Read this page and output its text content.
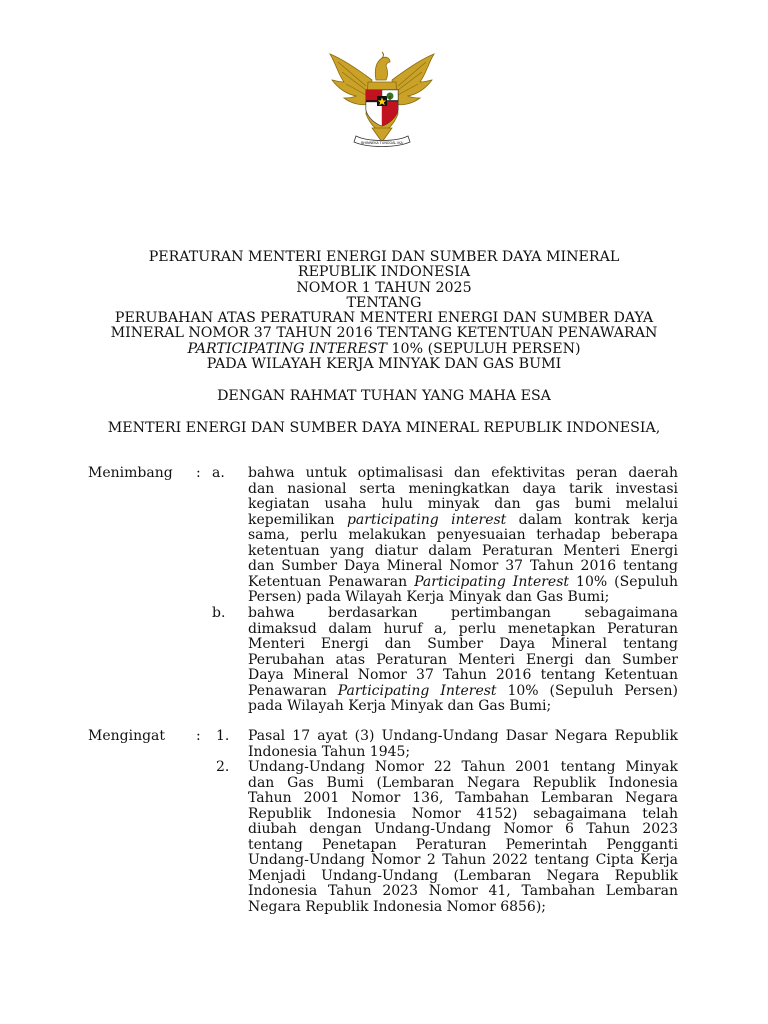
BHINNEKA TUNGGAL IKA
PERATURAN MENTERI ENERGI DAN SUMBER DAYA MINERAL
REPUBLIK INDONESIA
NOMOR 1 TAHUN 2025
TENTANG
PERUBAHAN ATAS PERATURAN MENTERI ENERGI DAN SUMBER DAYA
MINERAL NOMOR 37 TAHUN 2016 TENTANG KETENTUAN PENAWARAN
PARTICIPATING INTEREST 10% (SEPULUH PERSEN)
PADA WILAYAH KERJA MINYAK DAN GAS BUMI
DENGAN RAHMAT TUHAN YANG MAHA ESA
MENTERI ENERGI DAN SUMBER DAYA MINERAL REPUBLIK INDONESIA,
Menimbang : a. bahwa untuk optimalisasi dan efektivitas peran daerah
dan nasional serta meningkatkan daya tarik investasi
kegiatan usaha hulu minyak dan gas bumi melalui
kepemilikan participating interest dalam kontrak kerja
sama, perlu melakukan penyesuaian terhadap beberapa
ketentuan yang diatur dalam Peraturan Menteri Energi
dan Sumber Daya Mineral Nomor 37 Tahun 2016 tentang
Ketentuan Penawaran Participating Interest 10% (Sepuluh
Persen) pada Wilayah Kerja Minyak dan Gas Bumi;
b. bahwa berdasarkan pertimbangan sebagaimana
dimaksud dalam huruf a, perlu menetapkan Peraturan
Menteri Energi dan Sumber Daya Mineral tentang
Perubahan atas Peraturan Menteri Energi dan Sumber
Daya Mineral Nomor 37 Tahun 2016 tentang Ketentuan
Penawaran Participating Interest 10% (Sepuluh Persen)
pada Wilayah Kerja Minyak dan Gas Bumi;
Mengingat : 1. Pasal 17 ayat (3) Undang-Undang Dasar Negara Republik
Indonesia Tahun 1945;
2. Undang-Undang Nomor 22 Tahun 2001 tentang Minyak
dan Gas Bumi (Lembaran Negara Republik Indonesia
Tahun 2001 Nomor 136, Tambahan Lembaran Negara
Republik Indonesia Nomor 4152) sebagaimana telah
diubah dengan Undang-Undang Nomor 6 Tahun 2023
tentang Penetapan Peraturan Pemerintah Pengganti
Undang-Undang Nomor 2 Tahun 2022 tentang Cipta Kerja
Menjadi Undang-Undang (Lembaran Negara Republik
Indonesia Tahun 2023 Nomor 41, Tambahan Lembaran
Negara Republik Indonesia Nomor 6856);
